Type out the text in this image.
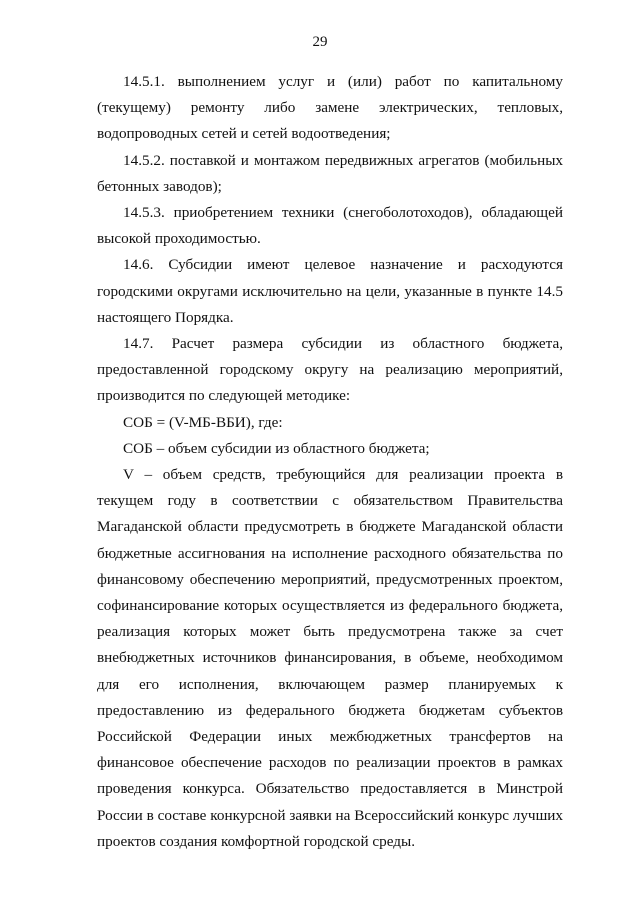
29

14.5.1. выполнением услуг и (или) работ по капитальному (текущему) ремонту либо замене электрических, тепловых, водопроводных сетей и сетей водоотведения;

14.5.2. поставкой и монтажом передвижных агрегатов (мобильных бетонных заводов);

14.5.3. приобретением техники (снегоболотоходов), обладающей высокой проходимостью.

14.6. Субсидии имеют целевое назначение и расходуются городскими округами исключительно на цели, указанные в пункте 14.5 настоящего Порядка.

14.7. Расчет размера субсидии из областного бюджета, предоставленной городскому округу на реализацию мероприятий, производится по следующей методике:

СОБ = (V-МБ-ВБИ), где:

СОБ – объем субсидии из областного бюджета;

V – объем средств, требующийся для реализации проекта в текущем году в соответствии с обязательством Правительства Магаданской области предусмотреть в бюджете Магаданской области бюджетные ассигнования на исполнение расходного обязательства по финансовому обеспечению мероприятий, предусмотренных проектом, софинансирование которых осуществляется из федерального бюджета, реализация которых может быть предусмотрена также за счет внебюджетных источников финансирования, в объеме, необходимом для его исполнения, включающем размер планируемых к предоставлению из федерального бюджета бюджетам субъектов Российской Федерации иных межбюджетных трансфертов на финансовое обеспечение расходов по реализации проектов в рамках проведения конкурса. Обязательство предоставляется в Минстрой России в составе конкурсной заявки на Всероссийский конкурс лучших проектов создания комфортной городской среды.
